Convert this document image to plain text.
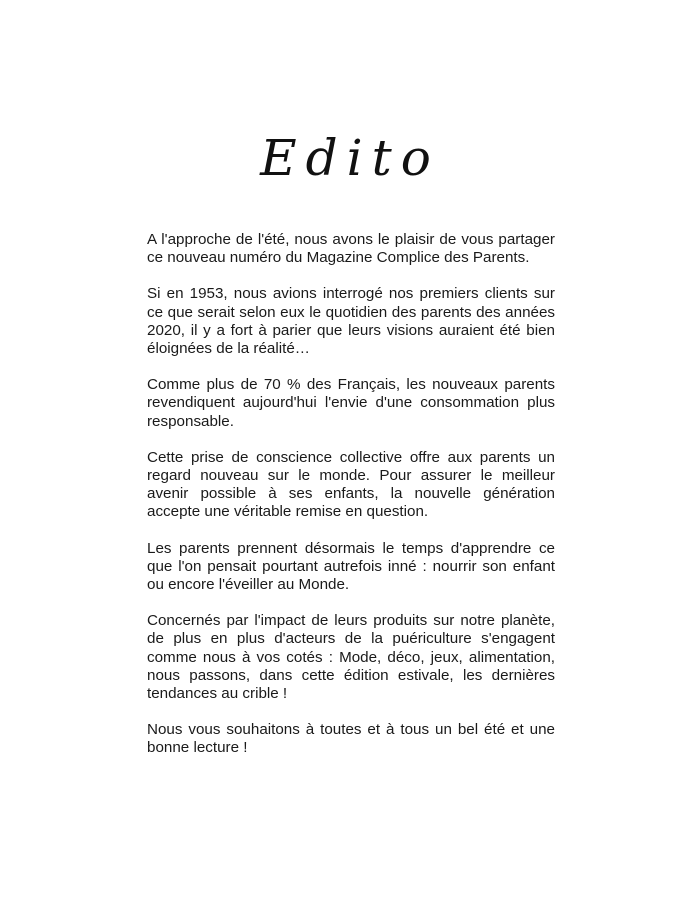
Edito

A l'approche de l'été, nous avons le plaisir de vous partager ce nouveau numéro du Magazine Complice des Parents.

Si en 1953, nous avions interrogé nos premiers clients sur ce que serait selon eux le quotidien des parents des années 2020, il y a fort à parier que leurs visions auraient été bien éloignées de la réalité…

Comme plus de 70 % des Français, les nouveaux parents revendiquent aujourd'hui l'envie d'une consommation plus responsable.

Cette prise de conscience collective offre aux parents un regard nouveau sur le monde. Pour assurer le meilleur avenir possible à ses enfants, la nouvelle génération accepte une véritable remise en question.

Les parents prennent désormais le temps d'apprendre ce que l'on pensait pourtant autrefois inné : nourrir son enfant ou encore l'éveiller au Monde.

Concernés par l'impact de leurs produits sur notre planète, de plus en plus d'acteurs de la puériculture s'engagent comme nous à vos cotés : Mode, déco, jeux, alimentation, nous passons, dans cette édition estivale, les dernières tendances au crible !

Nous vous souhaitons à toutes et à tous un bel été et une bonne lecture !
